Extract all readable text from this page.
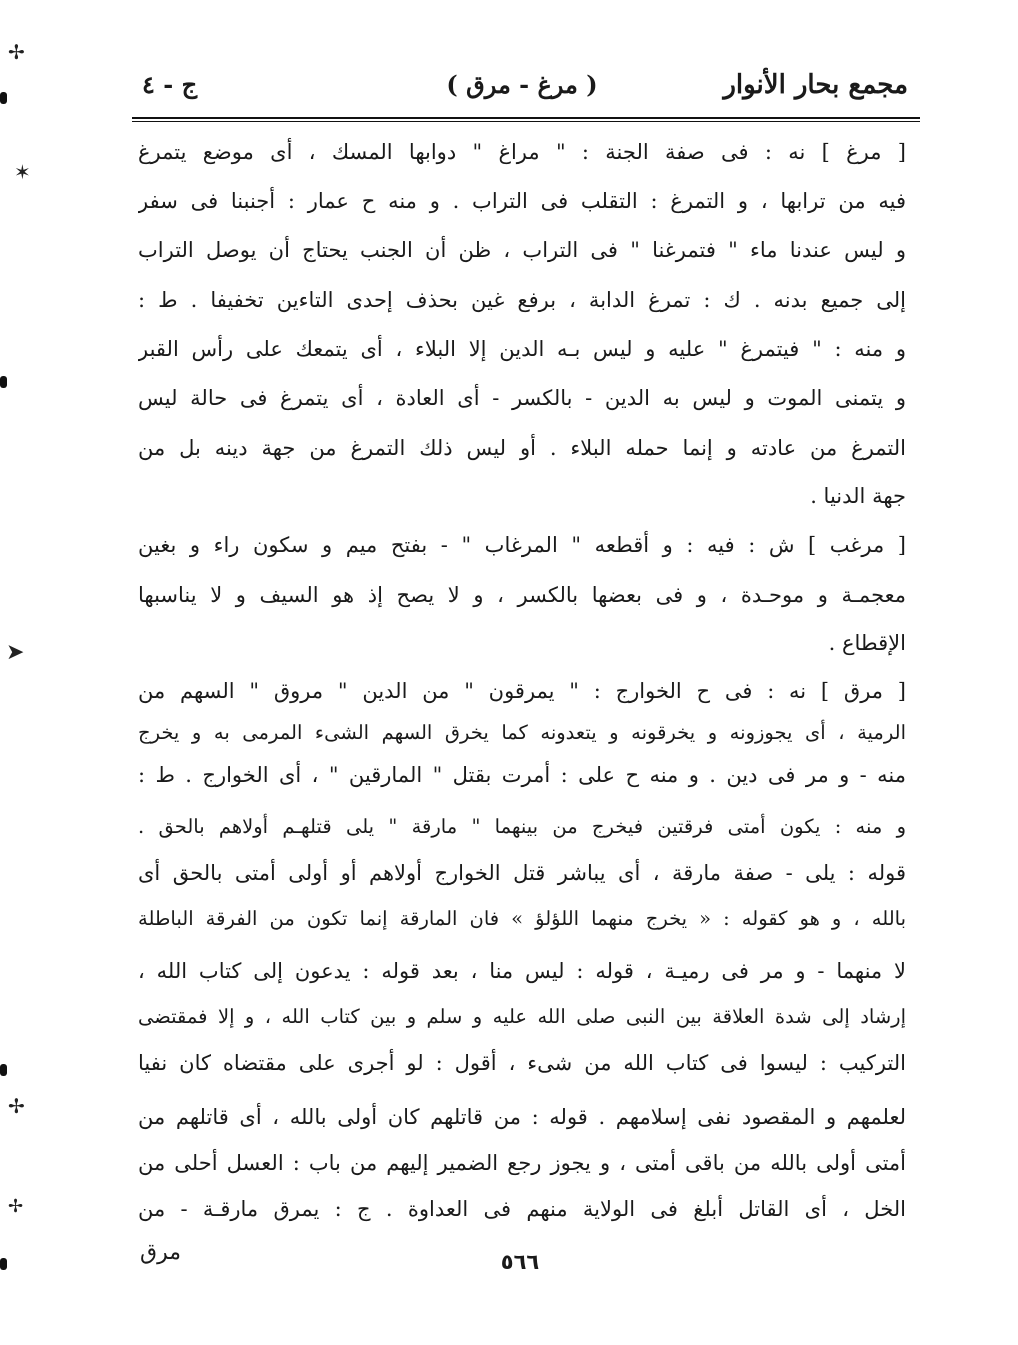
✢
✶
➤
✢
✢
مجمع بحار الأنوار
( مرغ - مرق )
ج - ٤
[ مرغ ] نه : فى صفة الجنة : " مراغ " دوابها المسك ، أى موضع يتمرغ
فيه من ترابها ، و التمرغ : التقلب فى التراب . و منه ح عمار : أجنبنا فى سفر
و ليس عندنا ماء " فتمرغنا " فى التراب ، ظن أن الجنب يحتاج أن يوصل التراب
إلى جميع بدنه . ك : تمرغ الدابة ، برفع غين بحذف إحدى التاءين تخفيفا . ط :
و منه : " فيتمرغ " عليه و ليس بـه الدين إلا البلاء ، أى يتمعك على رأس القبر
و يتمنى الموت و ليس به الدين - بالكسر - أى العادة ، أى يتمرغ فى حالة ليس
التمرغ من عادته و إنما حمله البلاء . أو ليس ذلك التمرغ من جهة دينه بل من
جهة الدنيا .
[ مرغب ] ش : فيه : و أقطعه " المرغاب " - بفتح ميم و سكون راء و بغين
معجمـة و موحـدة ، و فى بعضها بالكسر ، و لا يصح إذ هو السيف و لا يناسبها
الإقطاع .
[ مرق ] نه : فى ح الخوارج : " يمرقون " من الدين " مروق " السهم من
الرمية ، أى يجوزونه و يخرقونه و يتعدونه كما يخرق السهم الشىء المرمى به و يخرج
منه - و مر فى دين . و منه ح على : أمرت بقتل " المارقين " ، أى الخوارج . ط :
و منه : يكون أمتى فرقتين فيخرج من بينهما " مارقة " يلى قتلهـم أولاهم بالحق .
قوله : يلى - صفة مارقة ، أى يباشر قتل الخوارج أولاهم أو أولى أمتى بالحق أى
بالله ، و هو كقوله : « يخرج منهما اللؤلؤ » فان المارقة إنما تكون من الفرقة الباطلة
لا منهما - و مر فى رميـة ، قوله : ليس منا ، بعد قوله : يدعون إلى كتاب الله ،
إرشاد إلى شدة العلاقة بين النبى صلى الله عليه و سلم و بين كتاب الله ، و إلا فمقتضى
التركيب : ليسوا فى كتاب الله من شىء ، أقول : لو أجرى على مقتضاه كان نفيا
لعلمهم و المقصود نفى إسلامهم . قوله : من قاتلهم كان أولى بالله ، أى قاتلهم من
أمتى أولى بالله من باقى أمتى ، و يجوز رجع الضمير إليهم من باب : العسل أحلى من
الخل ، أى القاتل أبلغ فى الولاية منهم فى العداوة . ج : يمرق مارقـة - من
٥٦٦
مرق
